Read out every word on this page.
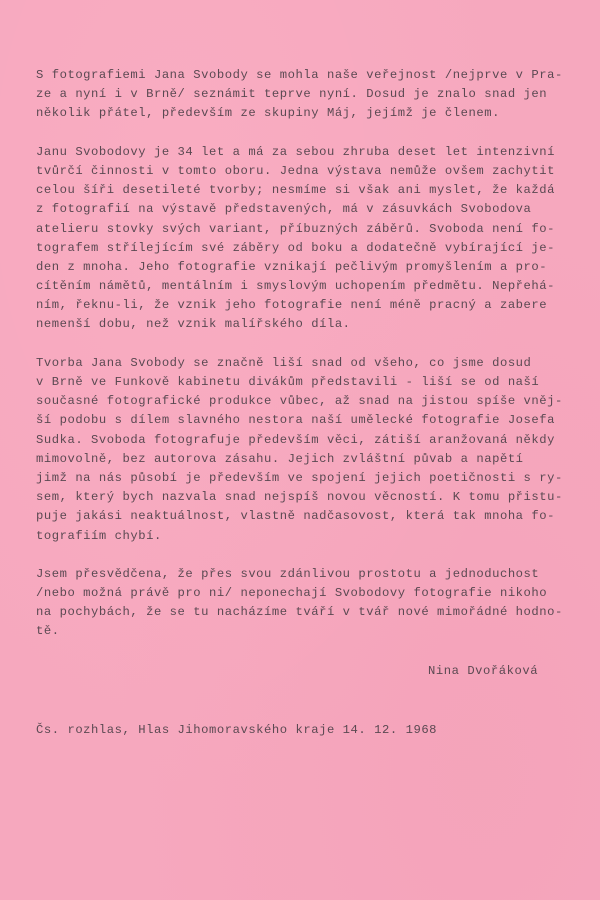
S fotografiemi Jana Svobody se mohla naše veřejnost /nejprve v Pra-
ze a nyní i v Brně/ seznámit teprve nyní. Dosud je znalo snad jen
několik přátel, především ze skupiny Máj, jejímž je členem.
Janu Svobodovy je 34 let a má za sebou zhruba deset let intenzivní
tvůrčí činnosti v tomto oboru. Jedna výstava nemůže ovšem zachytit
celou šíři desetileté tvorby; nesmíme si však ani myslet, že každá
z fotografií na výstavě představených, má v zásuvkách Svobodova
atelieru stovky svých variant, příbuzných záběrů. Svoboda není fo-
tografem střílejícím své záběry od boku a dodatečně vybírající je-
den z mnoha. Jeho fotografie vznikají pečlivým promyšlením a pro-
cítěním námětů, mentálním i smyslovým uchopením předmětu. Nepřehá-
ním, řeknu-li, že vznik jeho fotografie není méně pracný a zabere
nemenší dobu, než vznik malířského díla.
Tvorba Jana Svobody se značně liší snad od všeho, co jsme dosud
v Brně ve Funkově kabinetu divákům představili - liší se od naší
současné fotografické produkce vůbec, až snad na jistou spíše vněj-
ší podobu s dílem slavného nestora naší umělecké fotografie Josefa
Sudka. Svoboda fotografuje především věci, zátiší aranžovaná někdy
mimovolně, bez autorova zásahu. Jejich zvláštní půvab a napětí
jimž na nás působí je především ve spojení jejich poetičnosti s ry-
sem, který bych nazvala snad nejspíš novou věcností. K tomu přistu-
puje jakási neaktuálnost, vlastně nadčasovost, která tak mnoha fo-
tografiím chybí.
Jsem přesvědčena, že přes svou zdánlivou prostotu a jednoduchost
/nebo možná právě pro ni/ neponechají Svobodovy fotografie nikoho
na pochybách, že se tu nacházíme tváří v tvář nové mimořádné hodno-
tě.
Nina Dvořáková
Čs. rozhlas, Hlas Jihomoravského kraje 14. 12. 1968
